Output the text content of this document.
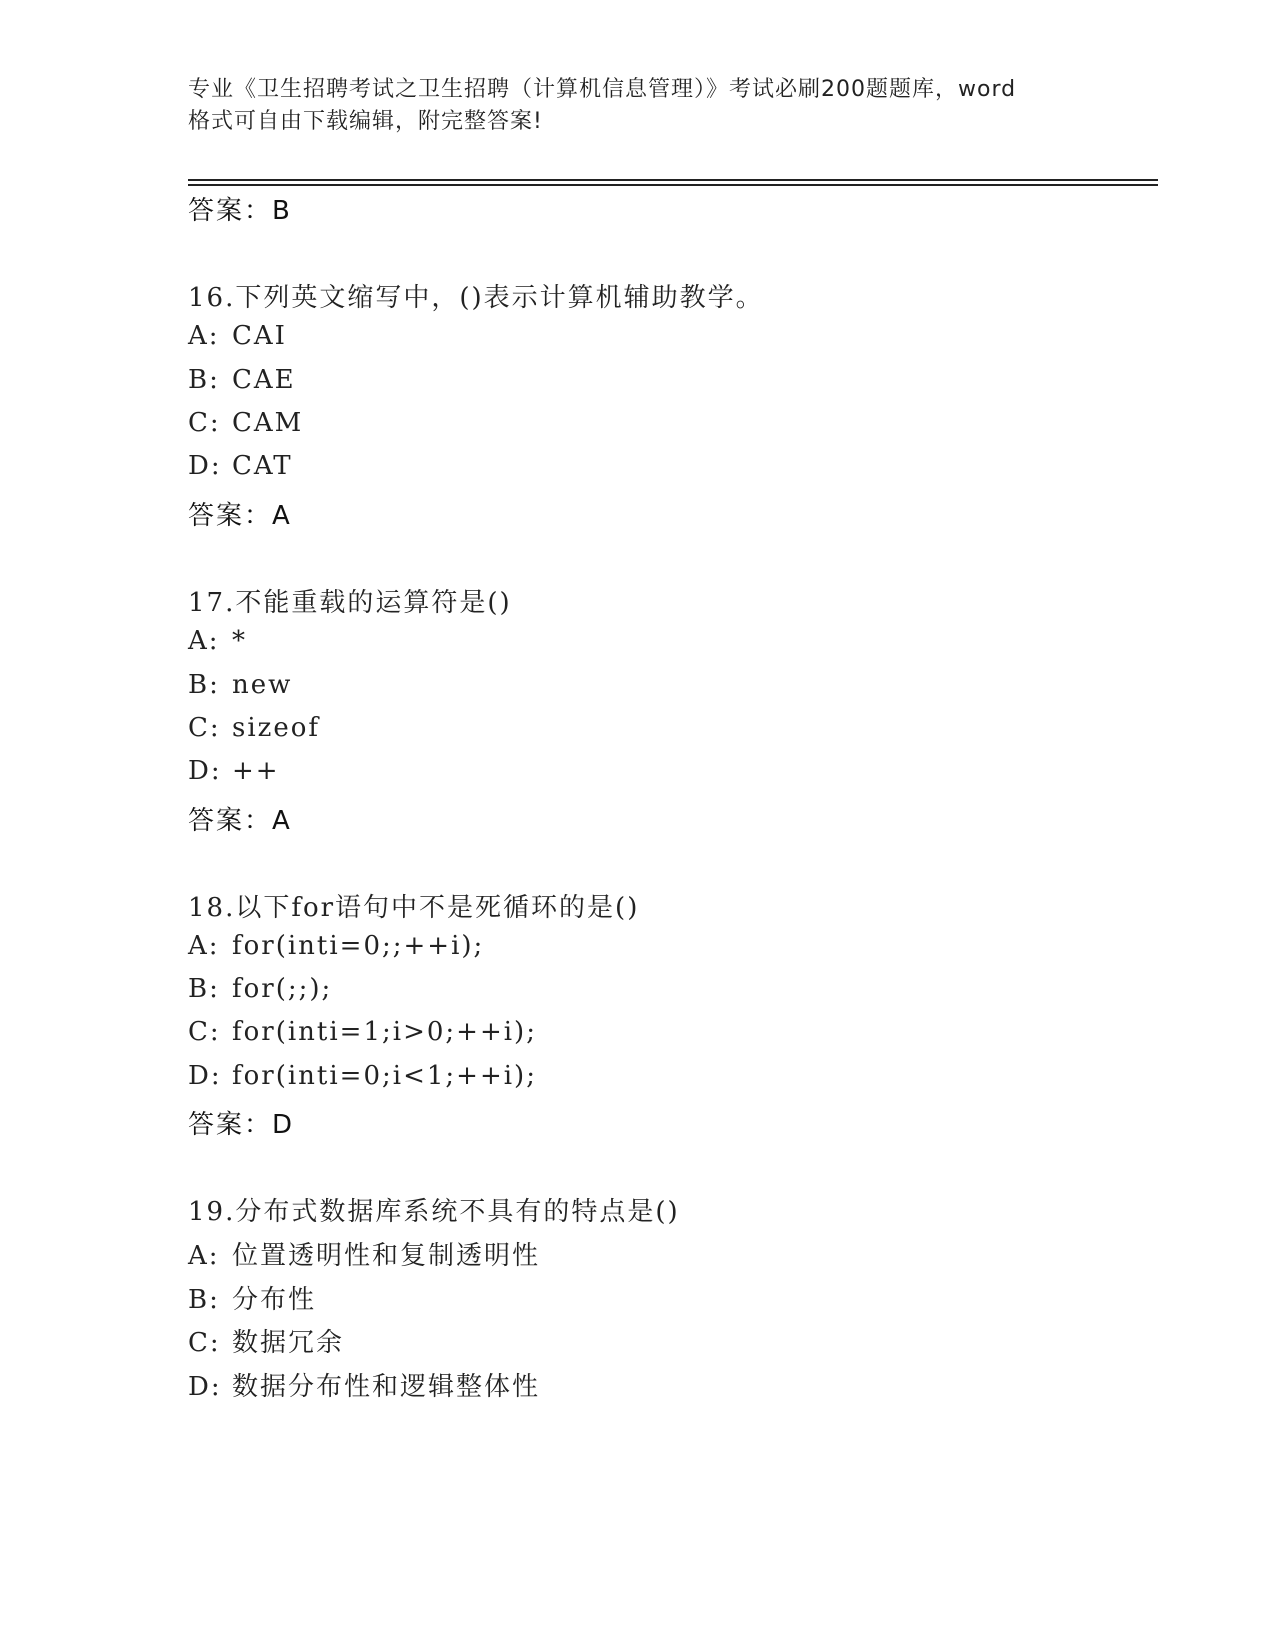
专业《卫生招聘考试之卫生招聘（计算机信息管理）》考试必刷200题题库，word
格式可自由下载编辑，附完整答案!
答案：B
16.下列英文缩写中，()表示计算机辅助教学。
A: CAI
B: CAE
C: CAM
D: CAT
答案：A
17.不能重载的运算符是()
A: *
B: new
C: sizeof
D: ++
答案：A
18.以下for语句中不是死循环的是()
A: for(inti=0;;++i);
B: for(;;);
C: for(inti=1;i>0;++i);
D: for(inti=0;i<1;++i);
答案：D
19.分布式数据库系统不具有的特点是()
A: 位置透明性和复制透明性
B: 分布性
C: 数据冗余
D: 数据分布性和逻辑整体性
